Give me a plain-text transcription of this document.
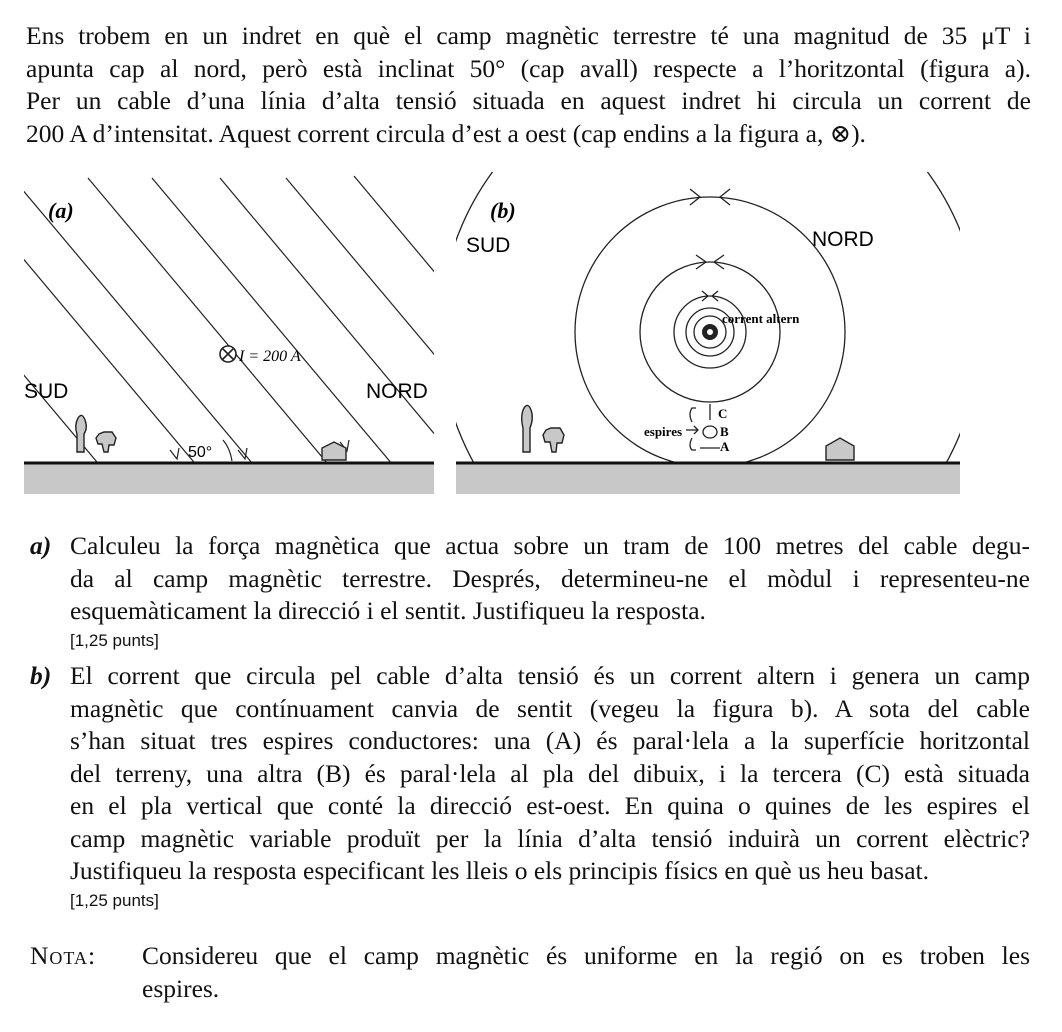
Ens trobem en un indret en què el camp magnètic terrestre té una magnitud de 35 μT i
apunta cap al nord, però està inclinat 50° (cap avall) respecte a l’horitzontal (figura a).
Per un cable d’una línia d’alta tensió situada en aquest indret hi circula un corrent de
200 A d’intensitat. Aquest corrent circula d’est a oest (cap endins a la figura a, ⊗).
(a)
I = 200 A
SUD	NORD
50°
corrent altern
(b)
SUD	NORD
espires
C
B
A
a) Calculeu la força magnètica que actua sobre un tram de 100 metres del cable degu-
da al camp magnètic terrestre. Després, determineu-ne el mòdul i representeu-ne
esquemàticament la direcció i el sentit. Justifiqueu la resposta.
[1,25 punts]
b) El corrent que circula pel cable d’alta tensió és un corrent altern i genera un camp
magnètic que contínuament canvia de sentit (vegeu la figura b). A sota del cable
s’han situat tres espires conductores: una (A) és paral·lela a la superfície horitzontal
del terreny, una altra (B) és paral·lela al pla del dibuix, i la tercera (C) està situada
en el pla vertical que conté la direcció est-oest. En quina o quines de les espires el
camp magnètic variable produït per la línia d’alta tensió induirà un corrent elèctric?
Justifiqueu la resposta especificant les lleis o els principis físics en què us heu basat.
[1,25 punts]
Nota: Considereu que el camp magnètic és uniforme en la regió on es troben les
espires.
